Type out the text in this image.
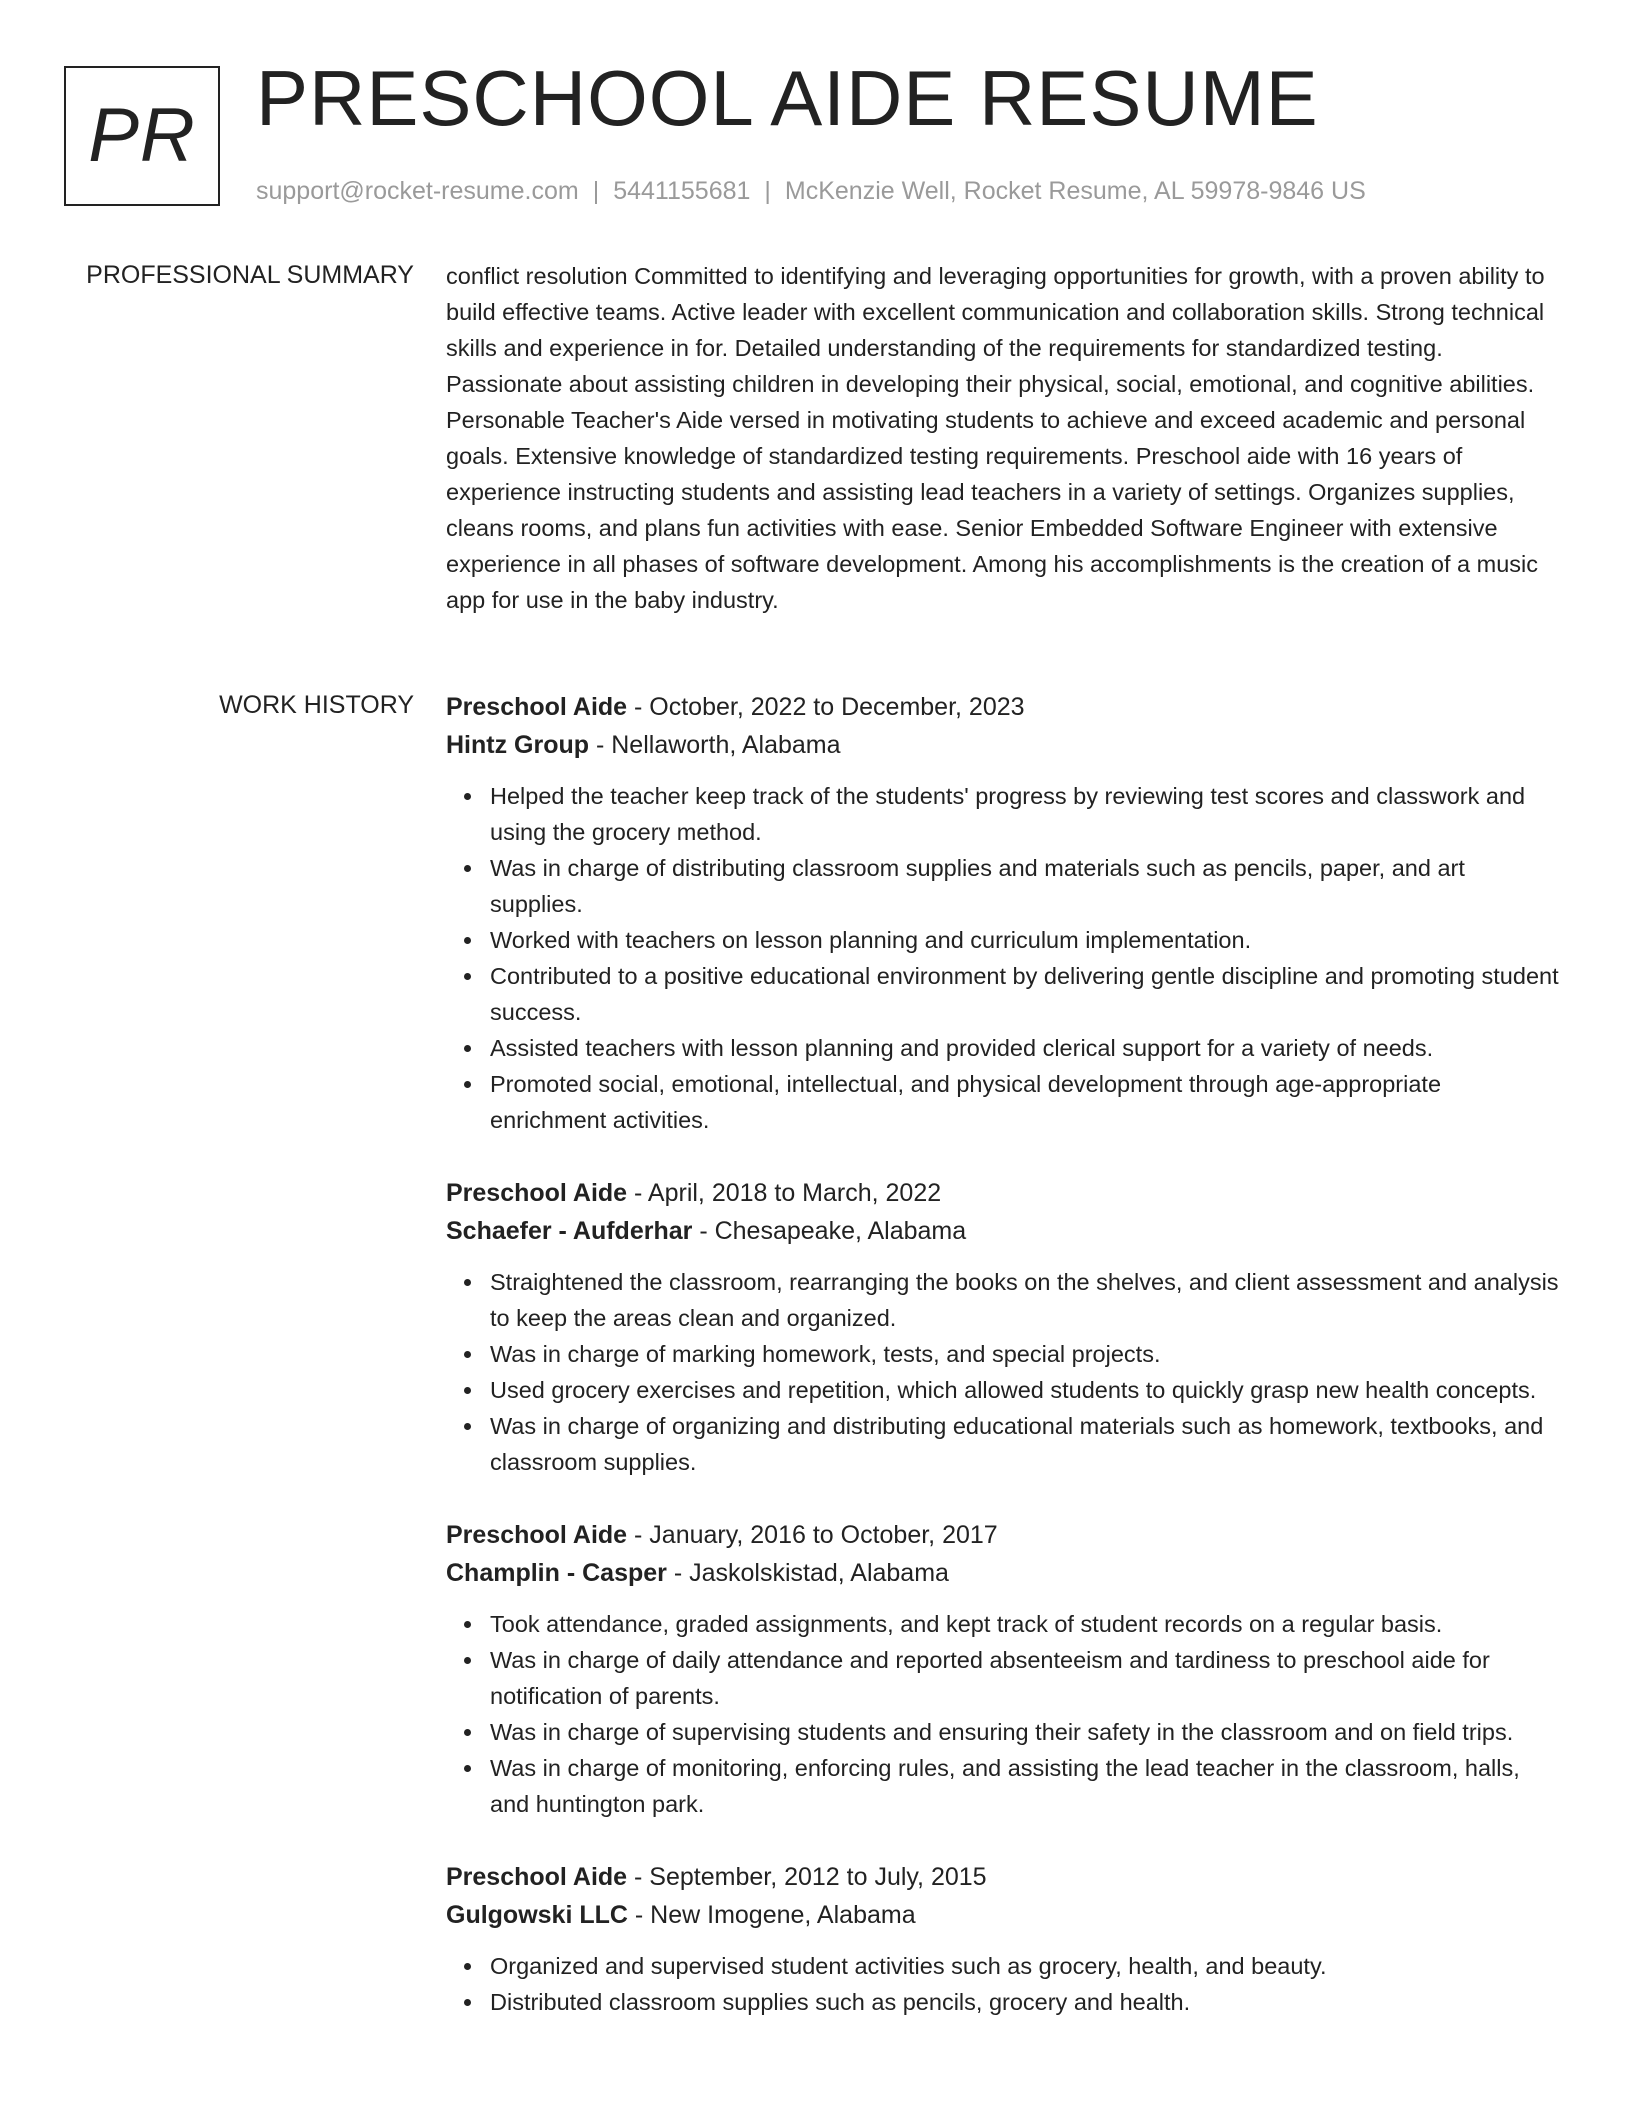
PR PRESCHOOL AIDE RESUME
support@rocket-resume.com | 5441155681 | McKenzie Well, Rocket Resume, AL 59978-9846 US
PROFESSIONAL SUMMARY conflict resolution Committed to identifying and leveraging opportunities for growth, with a proven ability to build effective teams. Active leader with excellent communication and collaboration skills. Strong technical skills and experience in for. Detailed understanding of the requirements for standardized testing. Passionate about assisting children in developing their physical, social, emotional, and cognitive abilities. Personable Teacher's Aide versed in motivating students to achieve and exceed academic and personal goals. Extensive knowledge of standardized testing requirements. Preschool aide with 16 years of experience instructing students and assisting lead teachers in a variety of settings. Organizes supplies, cleans rooms, and plans fun activities with ease. Senior Embedded Software Engineer with extensive experience in all phases of software development. Among his accomplishments is the creation of a music app for use in the baby industry.

WORK HISTORY Preschool Aide - October, 2022 to December, 2023
Hintz Group - Nellaworth, Alabama
Helped the teacher keep track of the students' progress by reviewing test scores and classwork and using the grocery method.
Was in charge of distributing classroom supplies and materials such as pencils, paper, and art supplies.
Worked with teachers on lesson planning and curriculum implementation.
Contributed to a positive educational environment by delivering gentle discipline and promoting student success.
Assisted teachers with lesson planning and provided clerical support for a variety of needs.
Promoted social, emotional, intellectual, and physical development through age-appropriate enrichment activities.
Preschool Aide - April, 2018 to March, 2022
Schaefer - Aufderhar - Chesapeake, Alabama
Straightened the classroom, rearranging the books on the shelves, and client assessment and analysis to keep the areas clean and organized.
Was in charge of marking homework, tests, and special projects.
Used grocery exercises and repetition, which allowed students to quickly grasp new health concepts.
Was in charge of organizing and distributing educational materials such as homework, textbooks, and classroom supplies.
Preschool Aide - January, 2016 to October, 2017
Champlin - Casper - Jaskolskistad, Alabama
Took attendance, graded assignments, and kept track of student records on a regular basis.
Was in charge of daily attendance and reported absenteeism and tardiness to preschool aide for notification of parents.
Was in charge of supervising students and ensuring their safety in the classroom and on field trips.
Was in charge of monitoring, enforcing rules, and assisting the lead teacher in the classroom, halls, and huntington park.
Preschool Aide - September, 2012 to July, 2015
Gulgowski LLC - New Imogene, Alabama
Organized and supervised student activities such as grocery, health, and beauty.
Distributed classroom supplies such as pencils, grocery and health.
